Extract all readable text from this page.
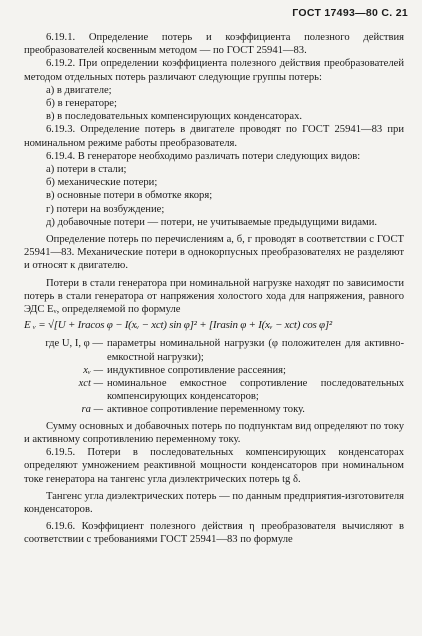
ГОСТ 17493—80 С. 21

6.19.1. Определение потерь и коэффициента полезного действия преобразователей косвенным методом — по ГОСТ 25941—83.

6.19.2. При определении коэффициента полезного действия преобразователей методом отдельных потерь различают следующие группы потерь:

а) в двигателе;

б) в генераторе;

в) в последовательных компенсирующих конденсаторах.

6.19.3. Определение потерь в двигателе проводят по ГОСТ 25941—83 при номинальном режиме работы преобразователя.

6.19.4. В генераторе необходимо различать потери следующих видов:

а) потери в стали;

б) механические потери;

в) основные потери в обмотке якоря;

г) потери на возбуждение;

д) добавочные потери — потери, не учитываемые предыдущими видами.

Определение потерь по перечислениям а, б, г проводят в соответствии с ГОСТ 25941—83. Механические потери в однокорпусных преобразователях не разделяют и относят к двигателю.

Потери в стали генератора при номинальной нагрузке находят по зависимости потерь в стали генератора от напряжения холостого хода для напряжения, равного ЭДС Eᵥ, определяемой по формуле

E ᵥ = √[U + Iraсos φ − I(xᵥ − xсt) sin φ]² + [Irasin φ + I(xᵥ − xсt) cos φ]²
где U, I, φ — параметры номинальной нагрузки (φ положителен для активно-емкостной нагрузки);
xᵥ — индуктивное сопротивление рассеяния;
xсt — номинальное емкостное сопротивление последовательных компенсирующих конденсаторов;
ra — активное сопротивление переменному току.

Сумму основных и добавочных потерь по подпунктам вид определяют по току и активному сопротивлению переменному току.

6.19.5. Потери в последовательных компенсирующих конденсаторах определяют умножением реактивной мощности конденсаторов при номинальном токе генератора на тангенс угла диэлектрических потерь tg δ.

Тангенс угла диэлектрических потерь — по данным предприятия-изготовителя конденсаторов.

6.19.6. Коэффициент полезного действия η преобразователя вычисляют в соответствии с требованиями ГОСТ 25941—83 по формуле
